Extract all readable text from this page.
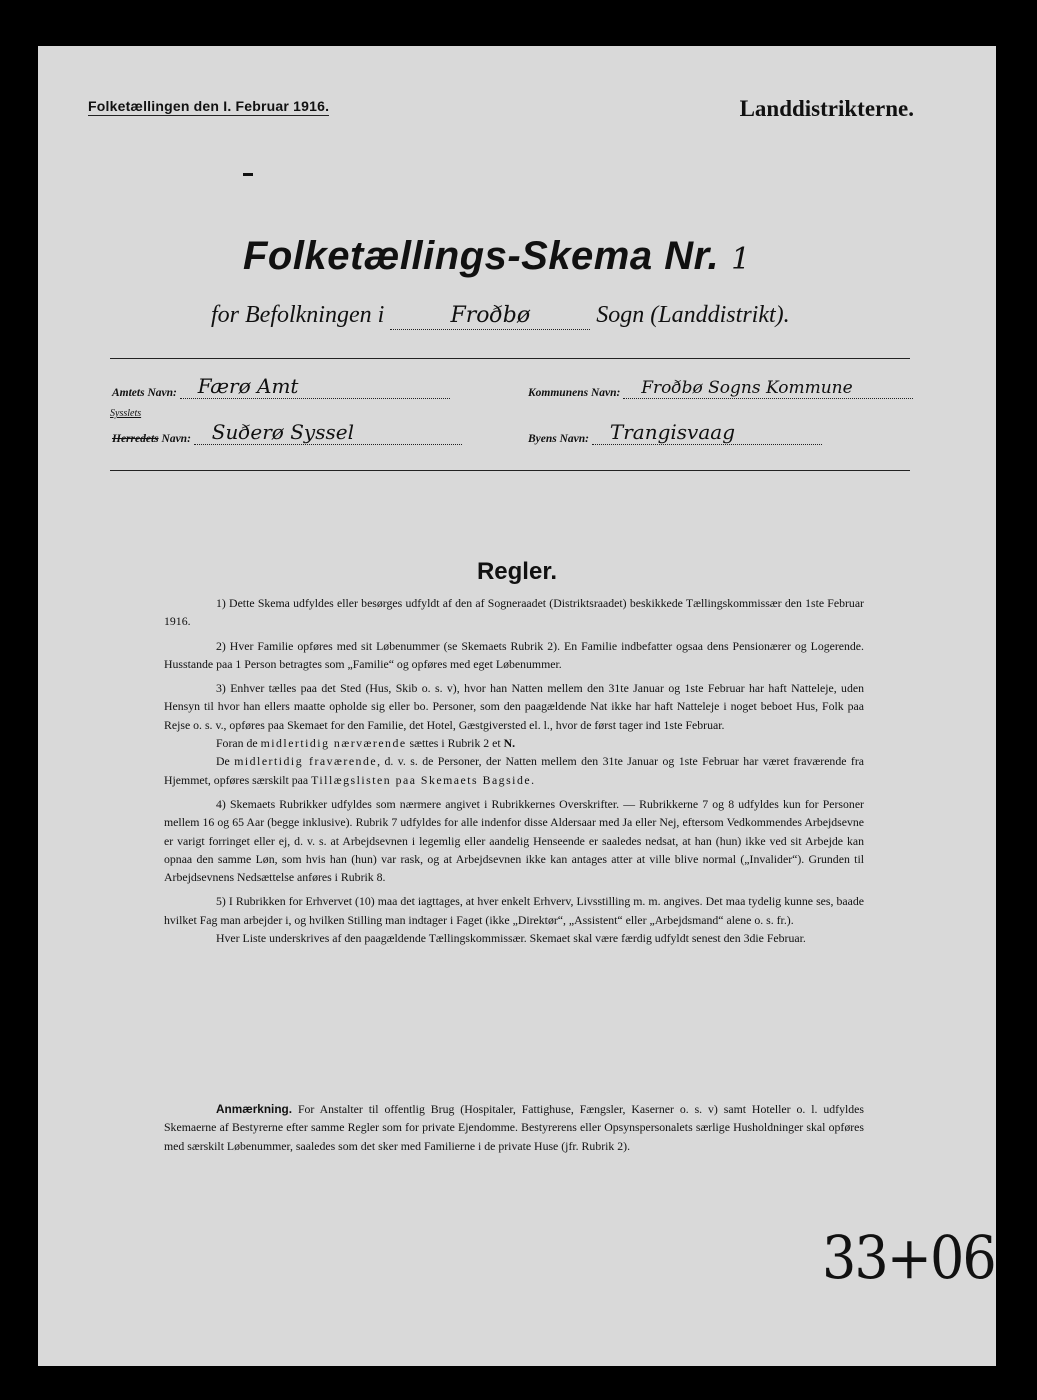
Folketællingen den I. Februar 1916.	Landdistrikterne.
Folketællings-Skema Nr. 1
for Befolkningen i	Froðbø	Sogn (Landdistrikt).
Amtets Navn: Færø Amt	Kommunens Navn: Froðbø Sogns Kommune
Sysslets
Herredets Navn: Suðerø Syssel	Byens Navn: Trangisvaag
Regler.

1) Dette Skema udfyldes eller besørges udfyldt af den af Sognerаadet (Distriktsraadet) beskikkede Tællingskommissær den 1ste Februar 1916.

2) Hver Familie opføres med sit Løbenummer (se Skemaets Rubrik 2). En Familie indbefatter ogsaa dens Pensionærer og Logerende. Husstande paa 1 Person betragtes som „Familie“ og opføres med eget Løbenummer.

3) Enhver tælles paa det Sted (Hus, Skib o. s. v), hvor han Natten mellem den 31te Januar og 1ste Februar har haft Natteleje, uden Hensyn til hvor han ellers maatte opholde sig eller bo. Personer, som den paagældende Nat ikke har haft Natteleje i noget beboet Hus, Folk paa Rejse o. s. v., opføres paa Skemaet for den Familie, det Hotel, Gæstgiversted el. l., hvor de først tager ind 1ste Februar.

Foran de midlertidig nærværende sættes i Rubrik 2 et N.

De midlertidig fraværende, d. v. s. de Personer, der Natten mellem den 31te Januar og 1ste Februar har været fraværende fra Hjemmet, opføres særskilt paa Tillægslisten paa Skemaets Bagside.

4) Skemaets Rubrikker udfyldes som nærmere angivet i Rubrikkernes Overskrifter. — Rubrikkerne 7 og 8 udfyldes kun for Personer mellem 16 og 65 Aar (begge inklusive). Rubrik 7 udfyldes for alle indenfor disse Aldersaar med Ja eller Nej, eftersom Vedkommendes Arbejdsevne er varigt forringet eller ej, d. v. s. at Arbejdsevnen i legemlig eller aandelig Henseende er saaledes nedsat, at han (hun) ikke ved sit Arbejde kan opnaa den samme Løn, som hvis han (hun) var rask, og at Arbejdsevnen ikke kan antages atter at ville blive normal („Invalider“). Grunden til Arbejdsevnens Nedsættelse anføres i Rubrik 8.

5) I Rubrikken for Erhvervet (10) maa det iagttages, at hver enkelt Erhverv, Livsstilling m. m. angives. Det maa tydelig kunne ses, baade hvilket Fag man arbejder i, og hvilken Stilling man indtager i Faget (ikke „Direktør“, „Assistent“ eller „Arbejdsmand“ alene o. s. fr.).

Hver Liste underskrives af den paagældende Tællingskommissær. Skemaet skal være færdig udfyldt senest den 3die Februar.

Anmærkning. For Anstalter til offentlig Brug (Hospitaler, Fattighuse, Fængsler, Kaserner o. s. v) samt Hoteller o. l. udfyldes Skemaerne af Bestyrerne efter samme Regler som for private Ejendomme. Bestyrerens eller Opsynspersonalets særlige Husholdninger skal opføres med særskilt Løbenummer, saaledes som det sker med Familierne i de private Huse (jfr. Rubrik 2).
33+06
